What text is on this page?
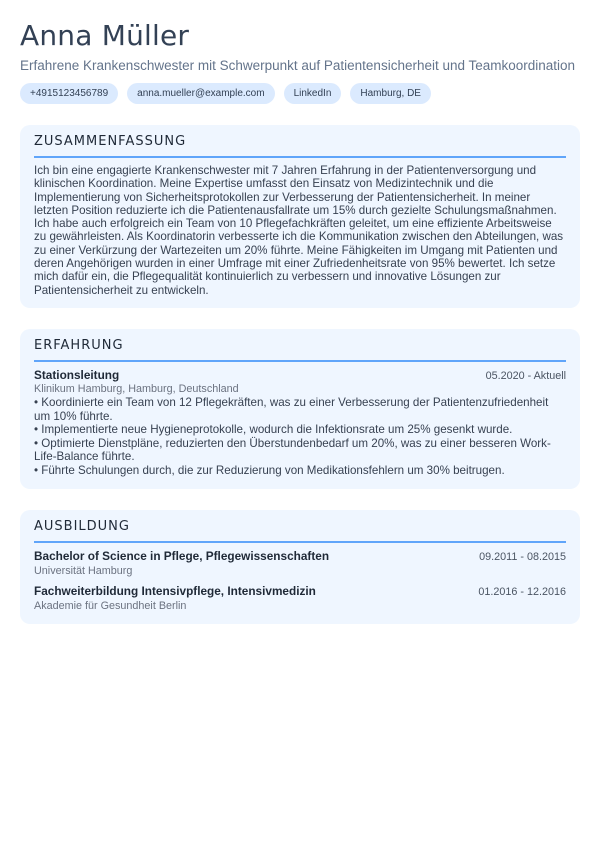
Anna Müller
Erfahrene Krankenschwester mit Schwerpunkt auf Patientensicherheit und Teamkoordination
+4915123456789	anna.mueller@example.com	LinkedIn	Hamburg, DE
ZUSAMMENFASSUNG
Ich bin eine engagierte Krankenschwester mit 7 Jahren Erfahrung in der Patientenversorgung und klinischen Koordination. Meine Expertise umfasst den Einsatz von Medizintechnik und die Implementierung von Sicherheitsprotokollen zur Verbesserung der Patientensicherheit. In meiner letzten Position reduzierte ich die Patientenausfallrate um 15% durch gezielte Schulungsmaßnahmen. Ich habe auch erfolgreich ein Team von 10 Pflegefachkräften geleitet, um eine effiziente Arbeitsweise zu gewährleisten. Als Koordinatorin verbesserte ich die Kommunikation zwischen den Abteilungen, was zu einer Verkürzung der Wartezeiten um 20% führte. Meine Fähigkeiten im Umgang mit Patienten und deren Angehörigen wurden in einer Umfrage mit einer Zufriedenheitsrate von 95% bewertet. Ich setze mich dafür ein, die Pflegequalität kontinuierlich zu verbessern und innovative Lösungen zur Patientensicherheit zu entwickeln.
ERFAHRUNG
Stationsleitung	05.2020 - Aktuell
Klinikum Hamburg, Hamburg, Deutschland
• Koordinierte ein Team von 12 Pflegekräften, was zu einer Verbesserung der Patientenzufriedenheit um 10% führte.
• Implementierte neue Hygieneprotokolle, wodurch die Infektionsrate um 25% gesenkt wurde.
• Optimierte Dienstpläne, reduzierten den Überstundenbedarf um 20%, was zu einer besseren Work-Life-Balance führte.
• Führte Schulungen durch, die zur Reduzierung von Medikationsfehlern um 30% beitrugen.
AUSBILDUNG
Bachelor of Science in Pflege, Pflegewissenschaften	09.2011 - 08.2015
Universität Hamburg
Fachweiterbildung Intensivpflege, Intensivmedizin	01.2016 - 12.2016
Akademie für Gesundheit Berlin
